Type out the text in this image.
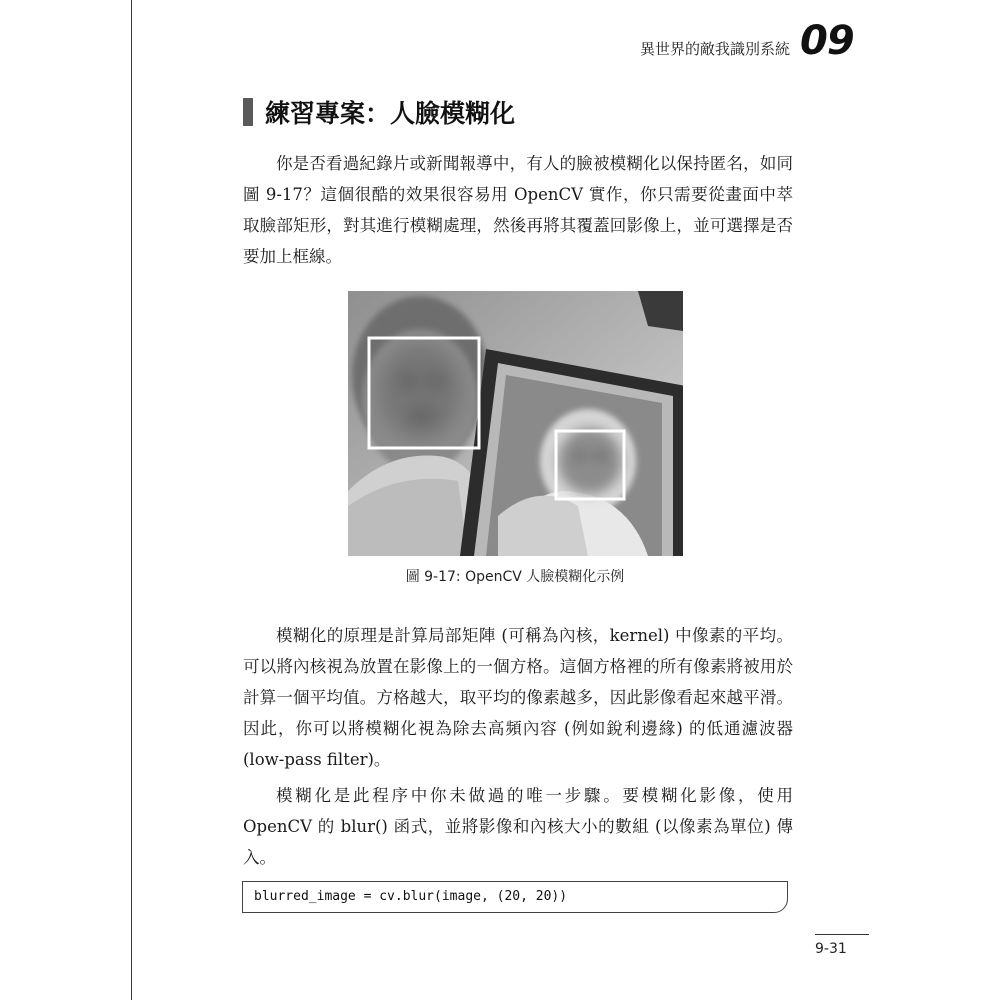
異世界的敵我識別系統 09
練習專案：人臉模糊化

你是否看過紀錄片或新聞報導中，有人的臉被模糊化以保持匿名，如同圖 9-17？這個很酷的效果很容易用 OpenCV 實作，你只需要從畫面中萃取臉部矩形，對其進行模糊處理，然後再將其覆蓋回影像上，並可選擇是否要加上框線。

圖 9-17: OpenCV 人臉模糊化示例

模糊化的原理是計算局部矩陣 (可稱為內核，kernel) 中像素的平均。可以將內核視為放置在影像上的一個方格。這個方格裡的所有像素將被用於計算一個平均值。方格越大，取平均的像素越多，因此影像看起來越平滑。因此，你可以將模糊化視為除去高頻內容 (例如銳利邊緣) 的低通濾波器 (low-pass filter)。

模糊化是此程序中你未做過的唯一步驟。要模糊化影像，使用 OpenCV 的 blur() 函式，並將影像和內核大小的數組 (以像素為單位) 傳入。

blurred_image = cv.blur(image, (20, 20))
9-31
